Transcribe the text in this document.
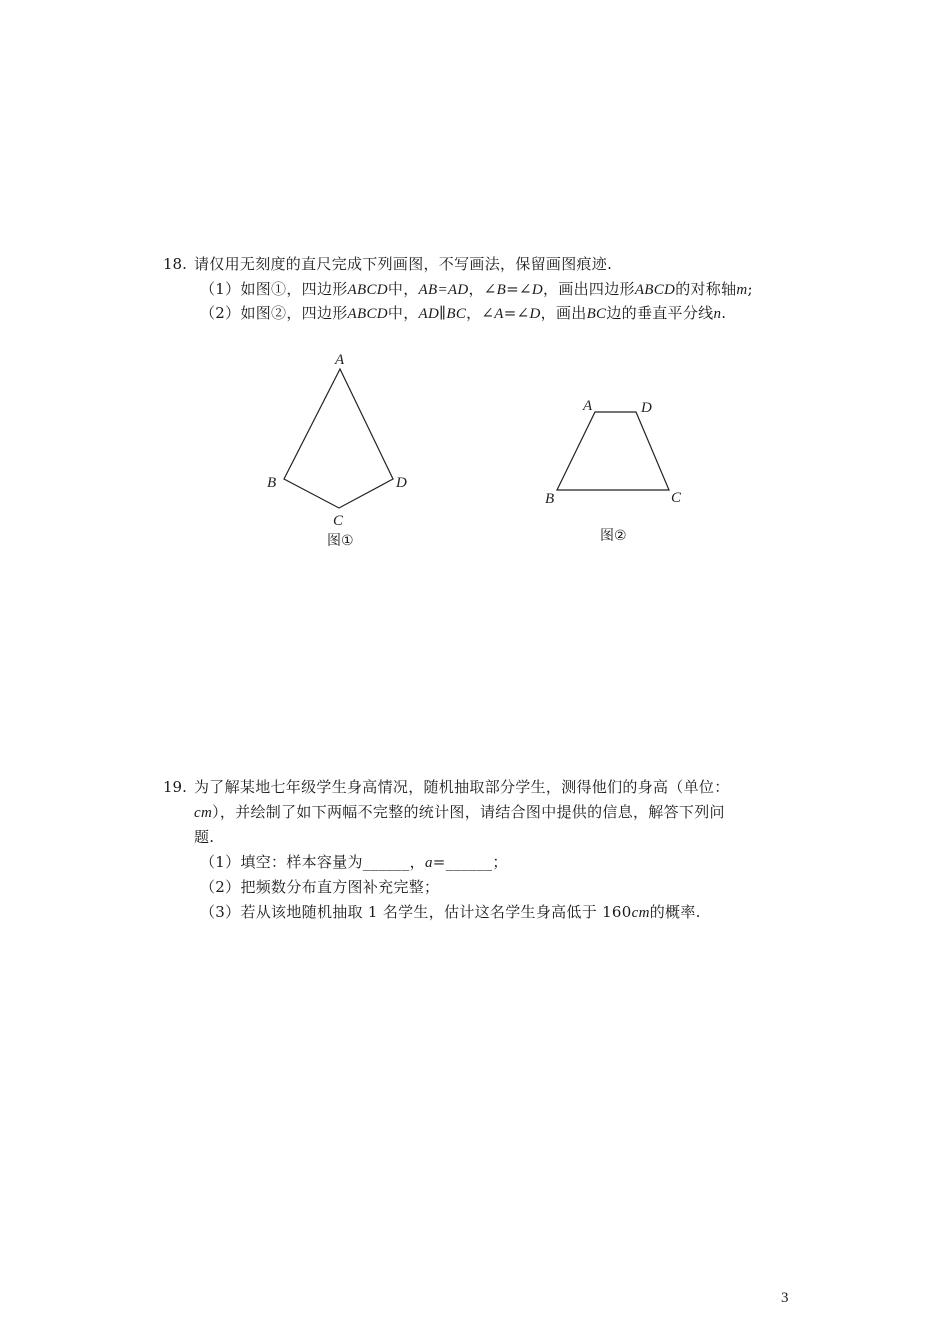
18. 请仅用无刻度的直尺完成下列画图，不写画法，保留画图痕迹.
（1）如图①，四边形ABCD中，AB=AD，∠B=∠D，画出四边形ABCD的对称轴m;
（2）如图②，四边形ABCD中，AD∥BC，∠A=∠D，画出BC边的垂直平分线n.
A
B
C
D
图①
A	D
B	C
图②
19. 为了解某地七年级学生身高情况，随机抽取部分学生，测得他们的身高（单位：
cm），并绘制了如下两幅不完整的统计图，请结合图中提供的信息，解答下列问
题.
（1）填空：样本容量为______，a=______；
（2）把频数分布直方图补充完整；
（3）若从该地随机抽取 1 名学生，估计这名学生身高低于 160cm的概率.
3
